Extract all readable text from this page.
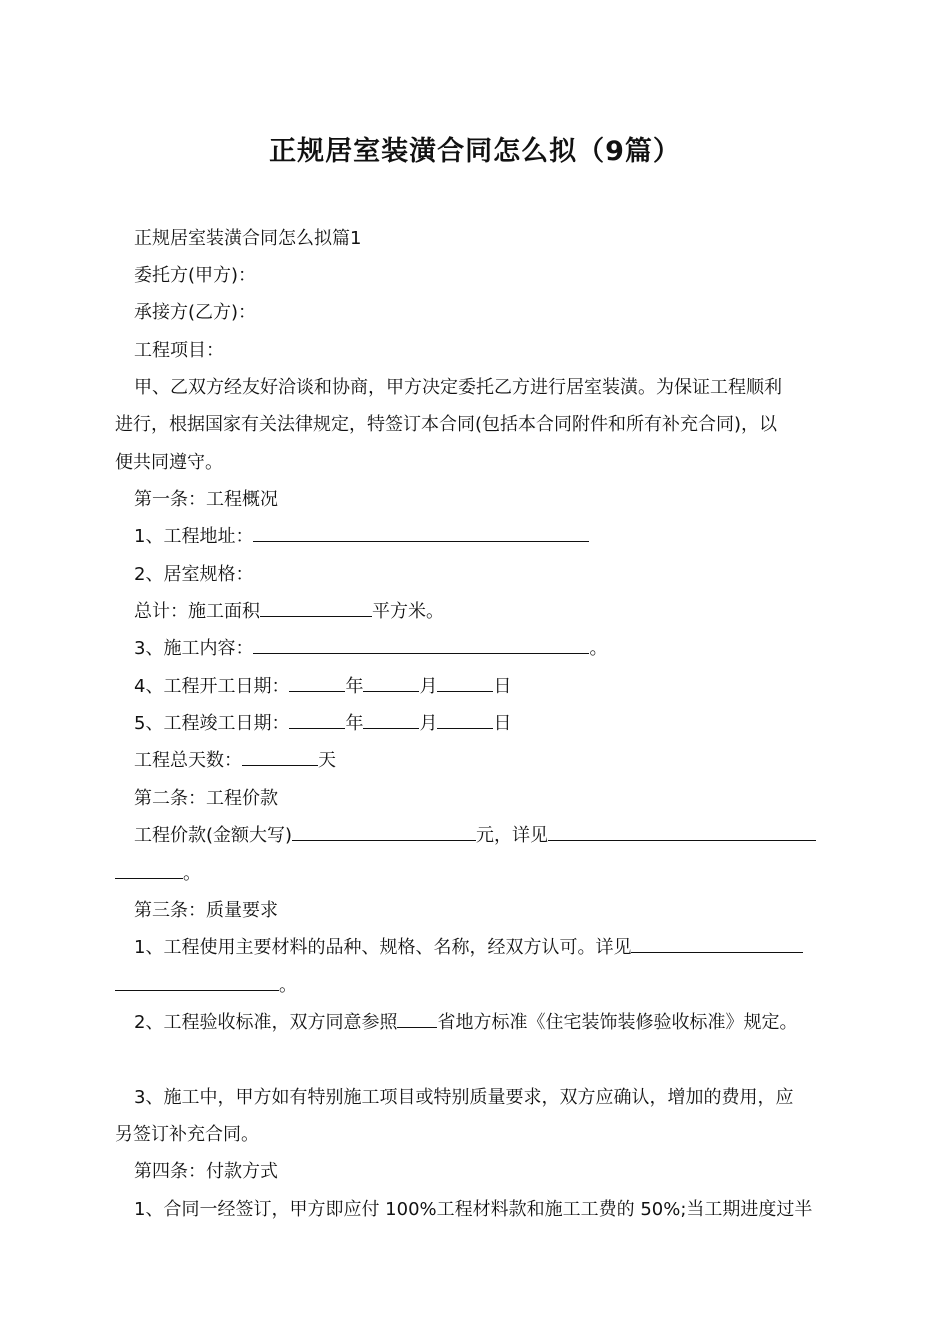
正规居室装潢合同怎么拟（9篇）
正规居室装潢合同怎么拟篇1
委托方(甲方)：
承接方(乙方)：
工程项目：
甲、乙双方经友好洽谈和协商，甲方决定委托乙方进行居室装潢。为保证工程顺利
进行，根据国家有关法律规定，特签订本合同(包括本合同附件和所有补充合同)，以
便共同遵守。
第一条：工程概况
1、工程地址：
2、居室规格：
总计：施工面积	平方米。
3、施工内容：	。
4、工程开工日期：	年	月	日
5、工程竣工日期：	年	月	日
工程总天数：	天
第二条：工程价款
工程价款(金额大写)	元，详见
。
第三条：质量要求
1、工程使用主要材料的品种、规格、名称，经双方认可。详见
。
2、工程验收标准，双方同意参照 省地方标准《住宅装饰装修验收标准》规定。
3、施工中，甲方如有特别施工项目或特别质量要求，双方应确认，增加的费用，应
另签订补充合同。
第四条：付款方式
1、合同一经签订，甲方即应付 100%工程材料款和施工工费的 50%;当工期进度过半
